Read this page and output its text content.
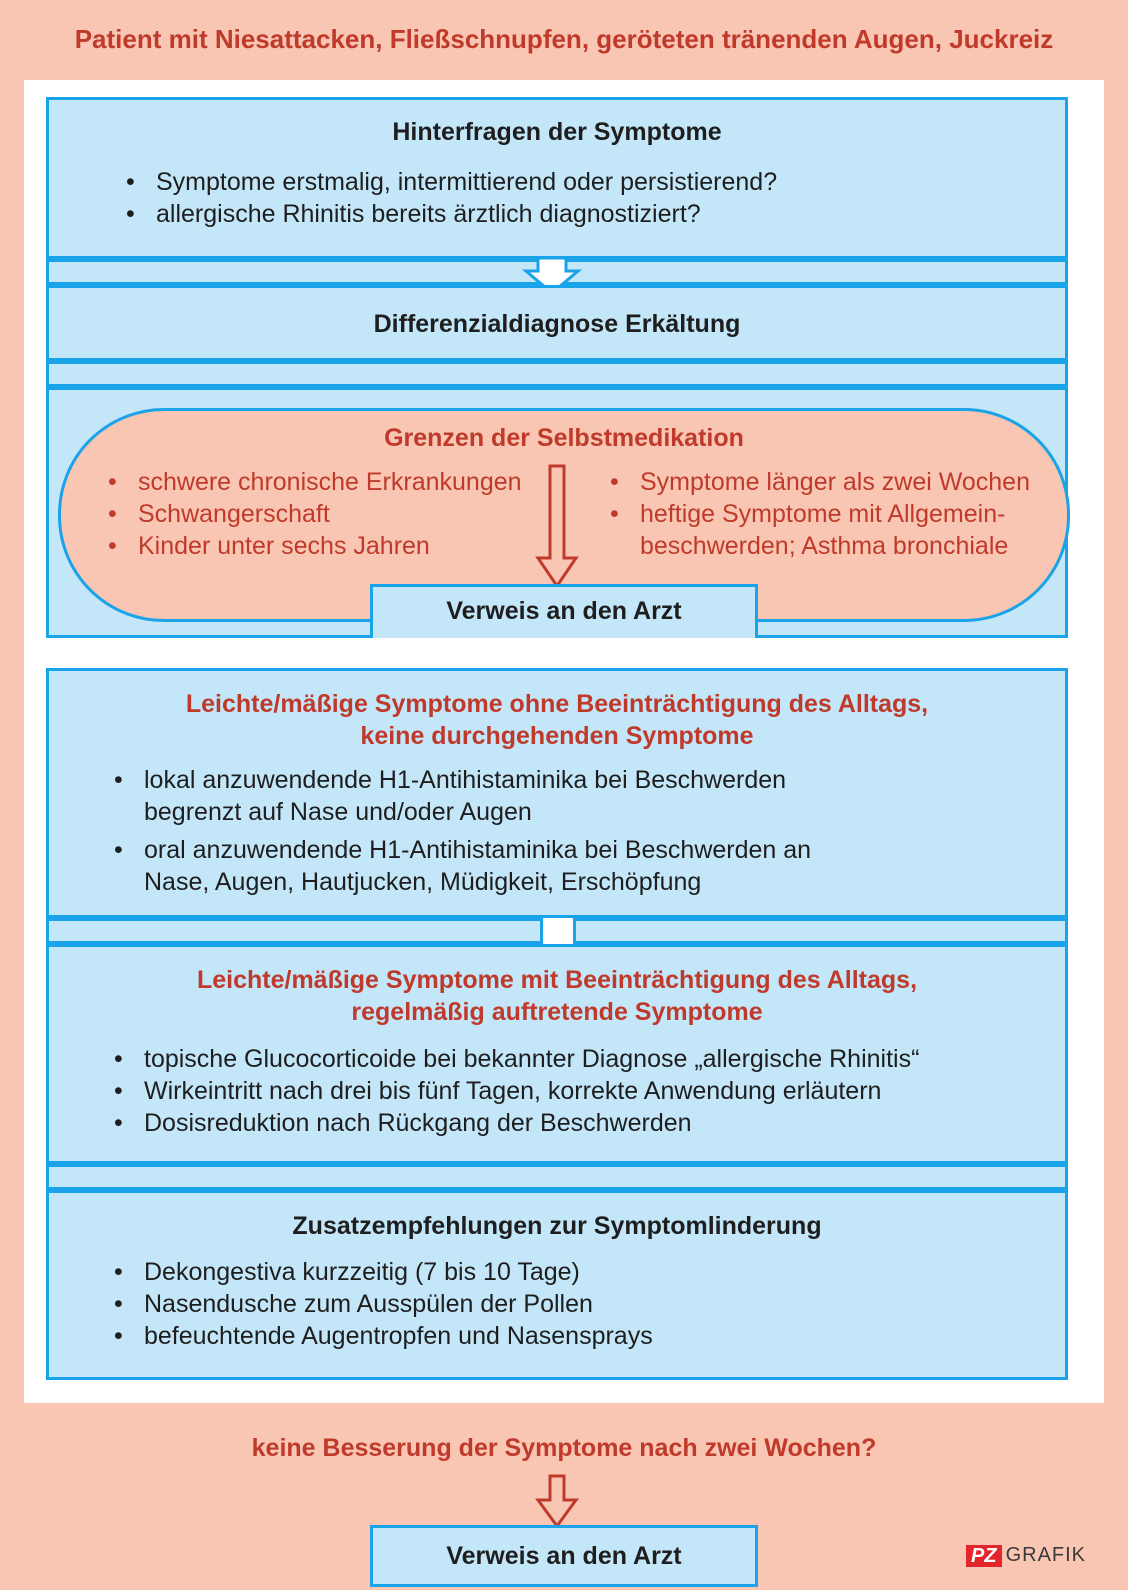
Patient mit Niesattacken, Fließschnupfen, geröteten tränenden Augen, Juckreiz
Hinterfragen der Symptome
• Symptome erstmalig, intermittierend oder persistierend?
• allergische Rhinitis bereits ärztlich diagnostiziert?
Differenzialdiagnose Erkältung
Grenzen der Selbstmedikation
• schwere chronische Erkrankungen
• Schwangerschaft
• Kinder unter sechs Jahren
• Symptome länger als zwei Wochen
• heftige Symptome mit Allgemein-beschwerden; Asthma bronchiale
Verweis an den Arzt
Leichte/mäßige Symptome ohne Beeinträchtigung des Alltags,
keine durchgehenden Symptome
• lokal anzuwendende H1-Antihistaminika bei Beschwerden begrenzt auf Nase und/oder Augen
• oral anzuwendende H1-Antihistaminika bei Beschwerden an Nase, Augen, Hautjucken, Müdigkeit, Erschöpfung
Leichte/mäßige Symptome mit Beeinträchtigung des Alltags,
regelmäßig auftretende Symptome
• topische Glucocorticoide bei bekannter Diagnose „allergische Rhinitis“
• Wirkeintritt nach drei bis fünf Tagen, korrekte Anwendung erläutern
• Dosisreduktion nach Rückgang der Beschwerden
Zusatzempfehlungen zur Symptomlinderung
• Dekongestiva kurzzeitig (7 bis 10 Tage)
• Nasendusche zum Ausspülen der Pollen
• befeuchtende Augentropfen und Nasensprays
keine Besserung der Symptome nach zwei Wochen?
Verweis an den Arzt	PZ GRAFIK
